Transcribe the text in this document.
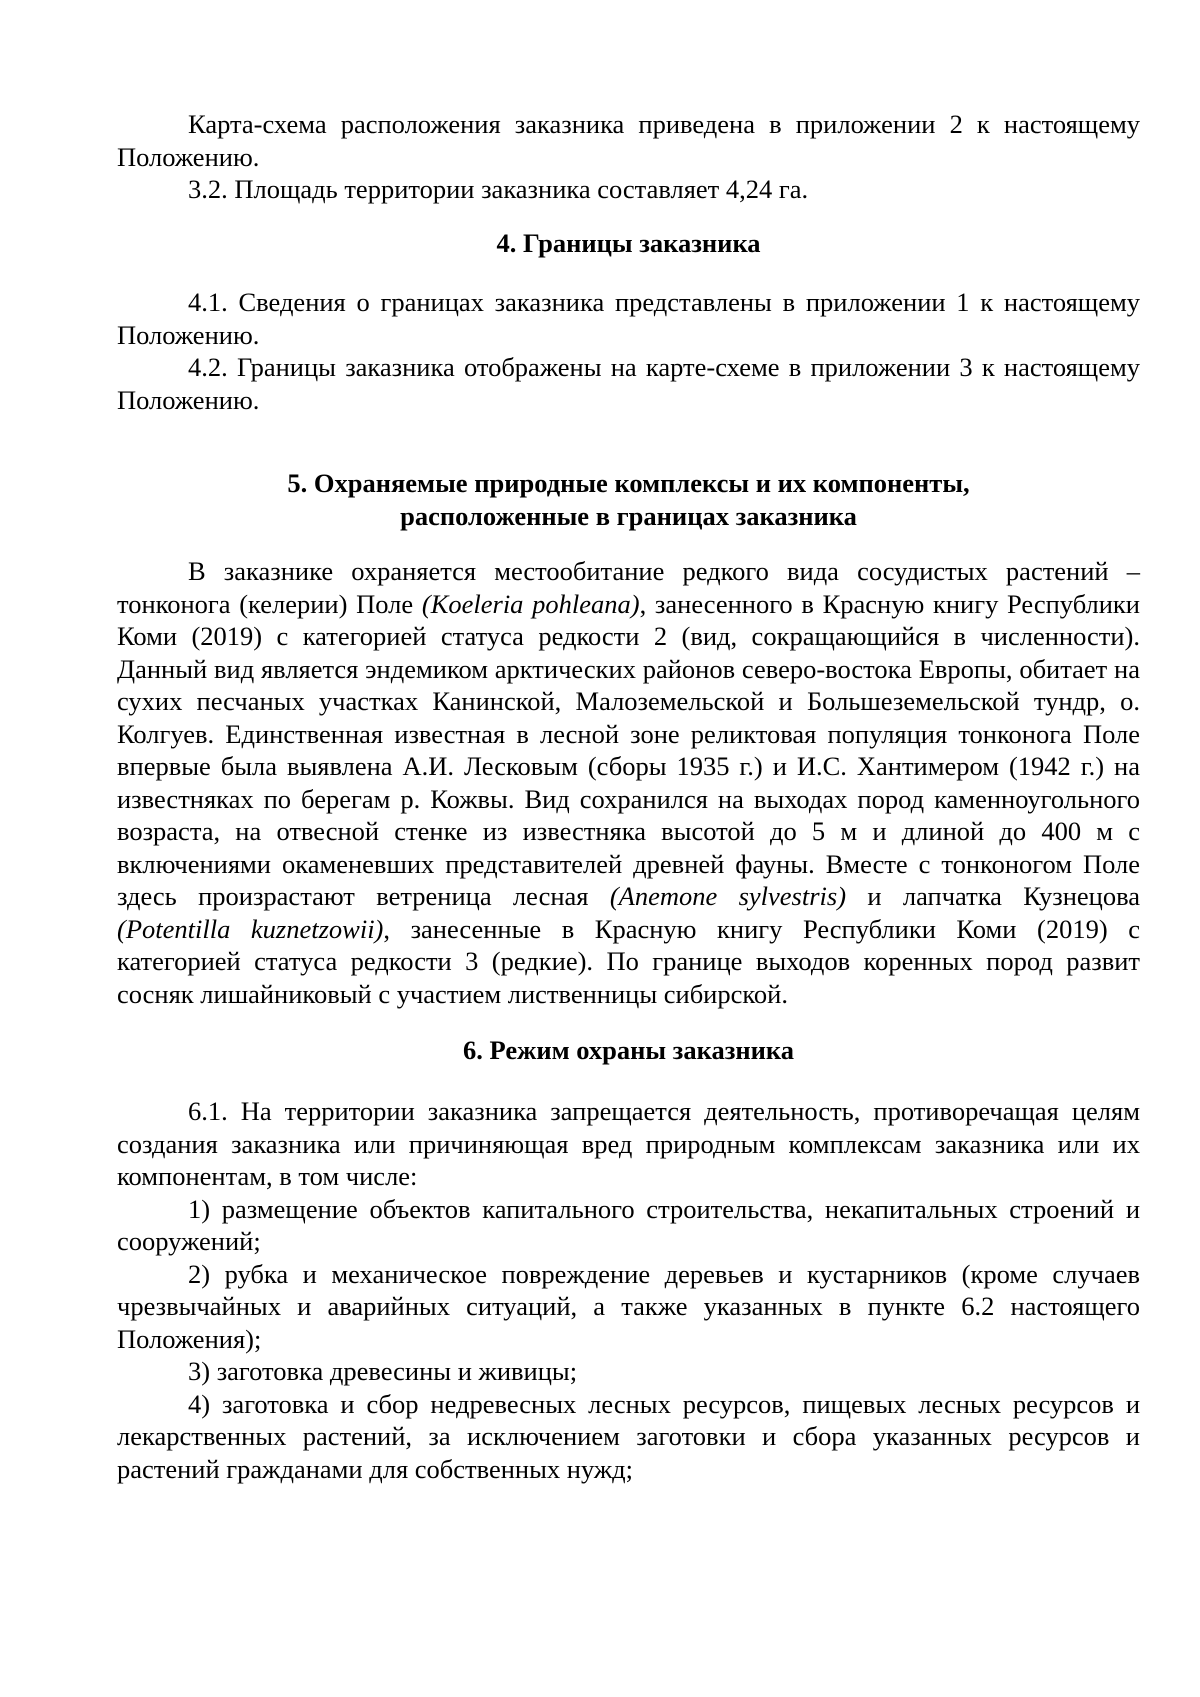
Карта-схема расположения заказника приведена в приложении 2 к настоящему Положению.

3.2. Площадь территории заказника составляет 4,24 га.

4. Границы заказника

4.1. Сведения о границах заказника представлены в приложении 1 к настоящему Положению.

4.2. Границы заказника отображены на карте-схеме в приложении 3 к настоящему Положению.

5. Охраняемые природные комплексы и их компоненты,

расположенные в границах заказника

В заказнике охраняется местообитание редкого вида сосудистых растений – тонконога (келерии) Поле (Koeleria pohleana), занесенного в Красную книгу Республики Коми (2019) с категорией статуса редкости 2 (вид, сокращающийся в численности). Данный вид является эндемиком арктических районов северо-востока Европы, обитает на сухих песчаных участках Канинской, Малоземельской и Большеземельской тундр, о. Колгуев. Единственная известная в лесной зоне реликтовая популяция тонконога Поле впервые была выявлена А.И. Лесковым (сборы 1935 г.) и И.С. Хантимером (1942 г.) на известняках по берегам р. Кожвы. Вид сохранился на выходах пород каменноугольного возраста, на отвесной стенке из известняка высотой до 5 м и длиной до 400 м с включениями окаменевших представителей древней фауны. Вместе с тонконогом Поле здесь произрастают ветреница лесная (Anemone sylvestris) и лапчатка Кузнецова (Potentilla kuznetzowii), занесенные в Красную книгу Республики Коми (2019) с категорией статуса редкости 3 (редкие). По границе выходов коренных пород развит сосняк лишайниковый с участием лиственницы сибирской.

6. Режим охраны заказника

6.1. На территории заказника запрещается деятельность, противоречащая целям создания заказника или причиняющая вред природным комплексам заказника или их компонентам, в том числе:

1) размещение объектов капитального строительства, некапитальных строений и сооружений;

2) рубка и механическое повреждение деревьев и кустарников (кроме случаев чрезвычайных и аварийных ситуаций, а также указанных в пункте 6.2 настоящего Положения);

3) заготовка древесины и живицы;

4) заготовка и сбор недревесных лесных ресурсов, пищевых лесных ресурсов и лекарственных растений, за исключением заготовки и сбора указанных ресурсов и растений гражданами для собственных нужд;
